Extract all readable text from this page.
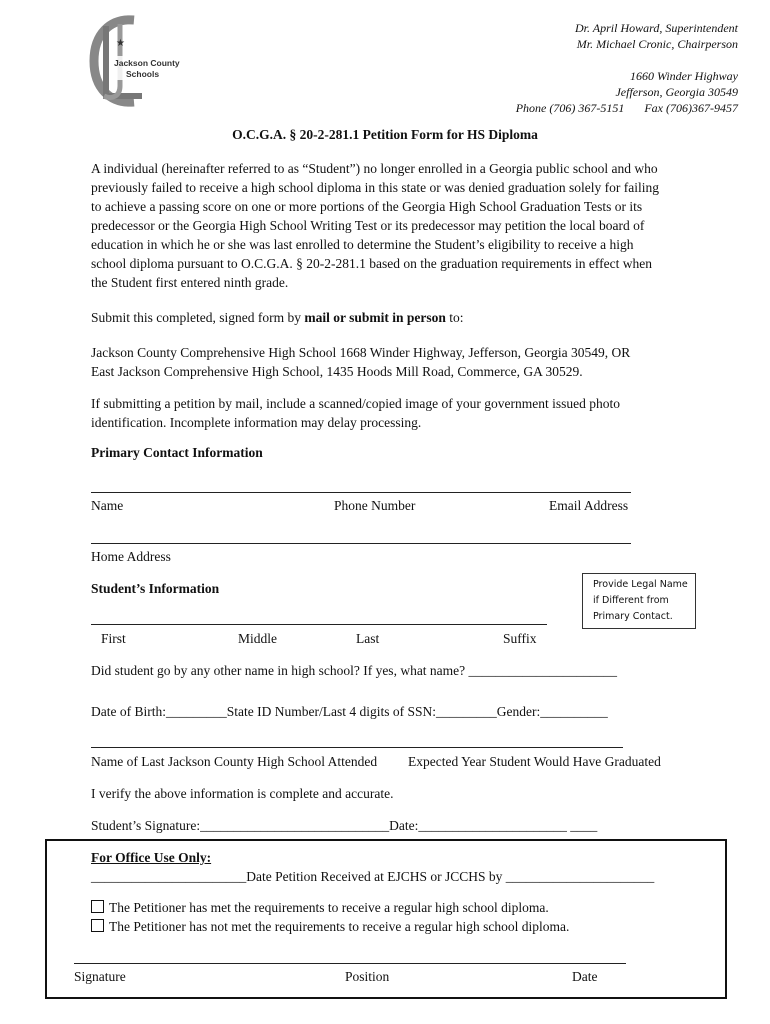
★
Jackson County
Schools
Dr. April Howard, Superintendent
Mr. Michael Cronic, Chairperson
1660 Winder Highway
Jefferson, Georgia 30549
Phone (706) 367-5151 Fax (706)367-9457
O.C.G.A. § 20-2-281.1 Petition Form for HS Diploma
A individual (hereinafter referred to as “Student”) no longer enrolled in a Georgia public school and who
previously failed to receive a high school diploma in this state or was denied graduation solely for failing
to achieve a passing score on one or more portions of the Georgia High School Graduation Tests or its
predecessor or the Georgia High School Writing Test or its predecessor may petition the local board of
education in which he or she was last enrolled to determine the Student’s eligibility to receive a high
school diploma pursuant to O.C.G.A. § 20-2-281.1 based on the graduation requirements in effect when
the Student first entered ninth grade.
Submit this completed, signed form by mail or submit in person to:
Jackson County Comprehensive High School 1668 Winder Highway, Jefferson, Georgia 30549, OR
East Jackson Comprehensive High School, 1435 Hoods Mill Road, Commerce, GA 30529.
If submitting a petition by mail, include a scanned/copied image of your government issued photo
identification. Incomplete information may delay processing.
Primary Contact Information
Name	Phone Number	Email Address
Home Address
Student’s Information	Provide Legal Name
if Different from
Primary Contact.
First	Middle	Last	Suffix
Did student go by any other name in high school? If yes, what name? ______________________
Date of Birth:_________State ID Number/Last 4 digits of SSN:_________Gender:__________
Name of Last Jackson County High School Attended Expected Year Student Would Have Graduated
I verify the above information is complete and accurate.
Student’s Signature:____________________________Date:______________________ ____
For Office Use Only:
_______________________Date Petition Received at EJCHS or JCCHS by ______________________
The Petitioner has met the requirements to receive a regular high school diploma.
The Petitioner has not met the requirements to receive a regular high school diploma.
Signature	Position	Date
